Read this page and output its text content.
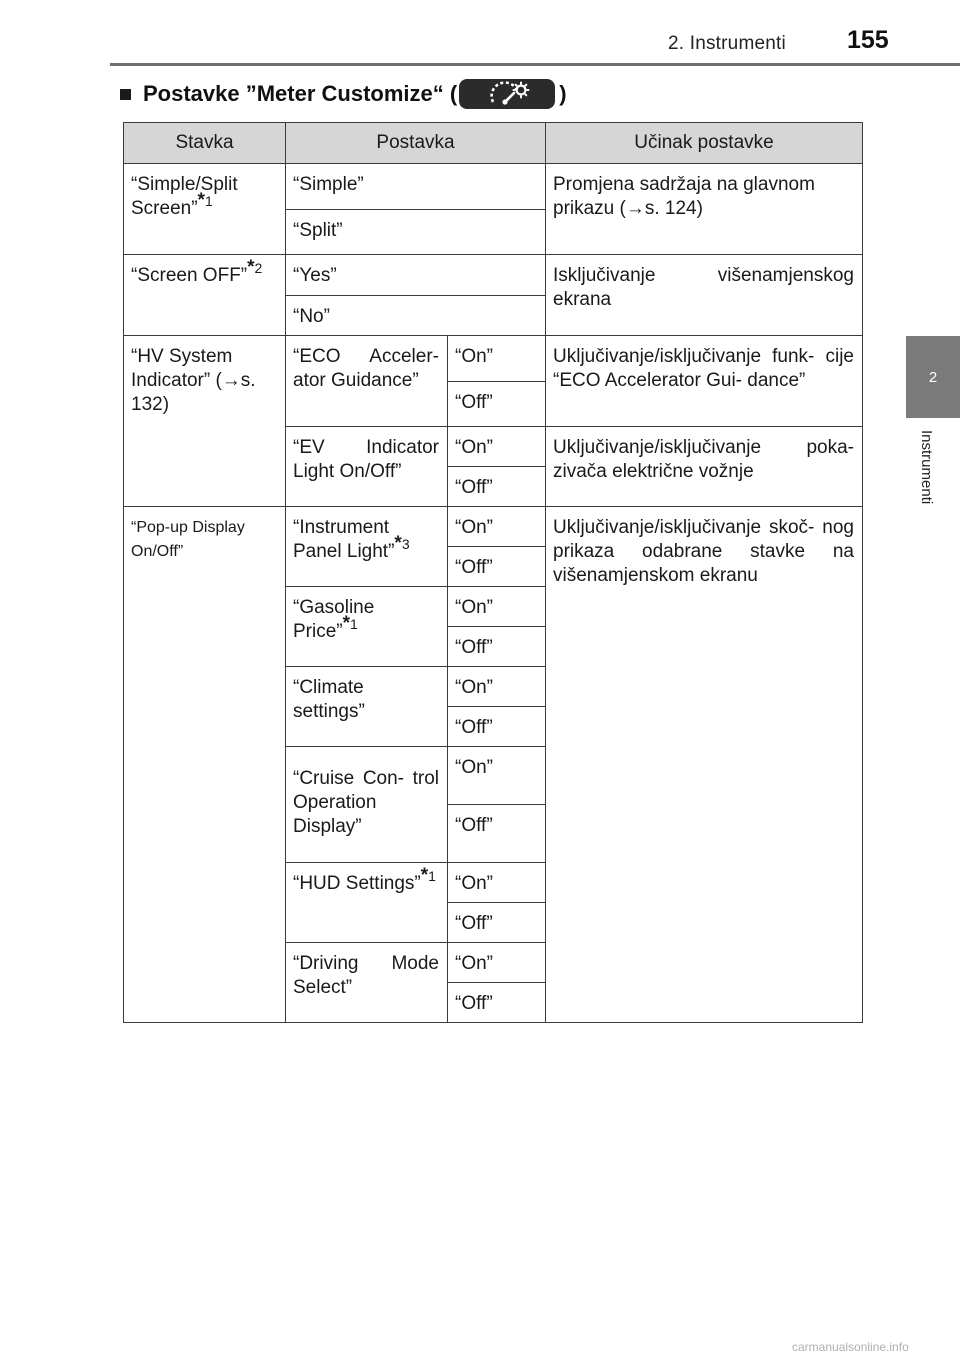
2. Instrumenti 155
2
Instrumenti
Postavke ”Meter Customize“ (	)
Stavka	Postavka		Učinak postavke
“Simple/Split Screen”$^{*1}$	“Simple”		Promjena sadržaja na glavnom prikazu (→s. 124)
	“Split”		
“Screen OFF”$^{*2}$	“Yes”		Isključivanje višenamjenskog ekrana
	“No”		
“HV System Indicator” (→s. 132)	“ECO Acceler- ator Guidance”	“On”	Uključivanje/isključivanje funk- cije “ECO Accelerator Gui- dance”
		“Off”	
	“EV Indicator Light On/Off”	“On”	Uključivanje/isključivanje poka- zivača električne vožnje
		“Off”	
“Pop-up Display On/Off”	“Instrument Panel Light”$^{*3}$	“On”	Uključivanje/isključivanje skoč- nog prikaza odabrane stavke na višenamjenskom ekranu
		“Off”	
	“Gasoline Price”$^{*1}$	“On”	
		“Off”	
	“Climate settings”	“On”	
		“Off”	
	“Cruise Con- trol Operation Display”	“On”	
		“Off”	
	“HUD Settings”$^{*1}$	“On”	
		“Off”	
	“Driving Mode Select”	“On”	
		“Off”	
carmanualsonline.info
